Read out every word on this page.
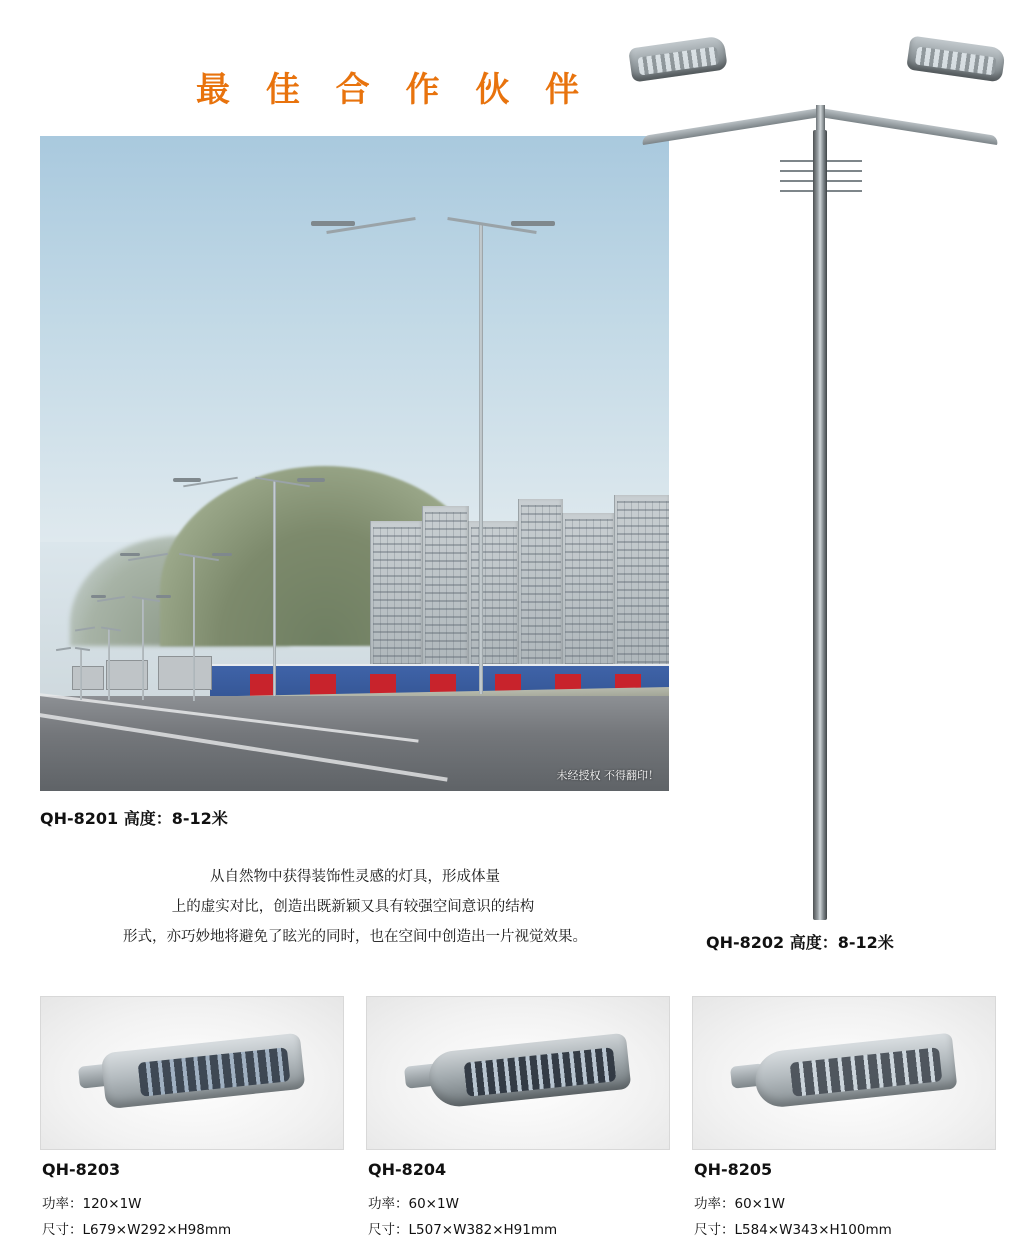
最 佳 合 作 伙 伴
未经授权 不得翻印！
QH-8201 高度：8-12米
QH-8202 高度：8-12米
从自然物中获得装饰性灵感的灯具，形成体量
上的虚实对比，创造出既新颖又具有较强空间意识的结构
形式，亦巧妙地将避免了眩光的同时，也在空间中创造出一片视觉效果。
QH-8203
功率：120×1W
尺寸：L679×W292×H98mm
QH-8204
功率：60×1W
尺寸：L507×W382×H91mm
QH-8205
功率：60×1W
尺寸：L584×W343×H100mm
